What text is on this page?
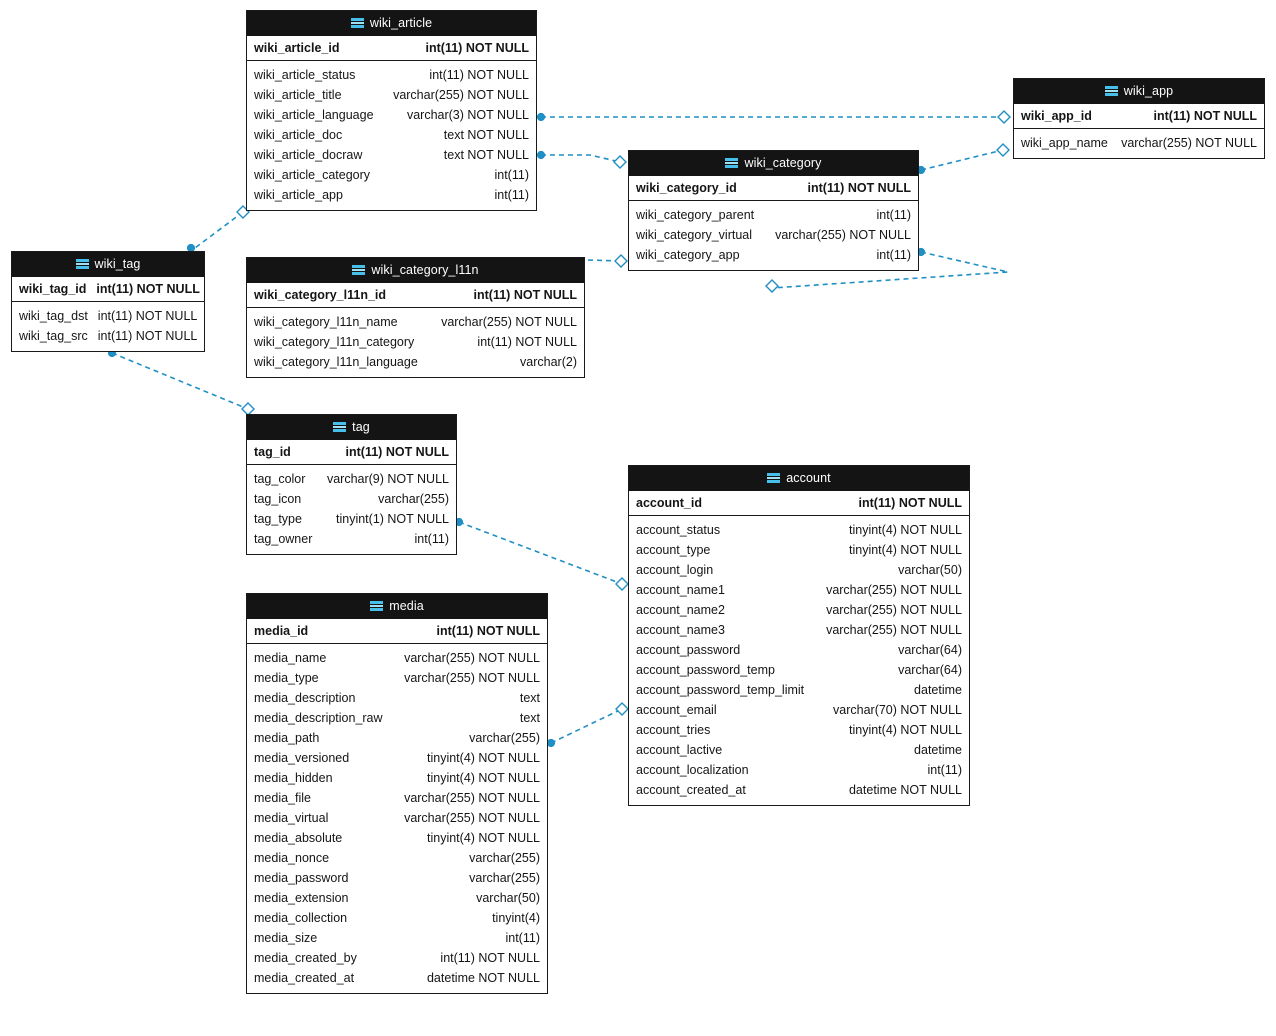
wiki_article
wiki_article_id	int(11) NOT NULL
wiki_article_status	int(11) NOT NULL
wiki_article_title	varchar(255) NOT NULL
wiki_article_language	varchar(3) NOT NULL
wiki_article_doc	text NOT NULL
wiki_article_docraw	text NOT NULL
wiki_article_category	int(11)
wiki_article_app	int(11)
wiki_app
wiki_app_id	int(11) NOT NULL
wiki_app_name varchar(255) NOT NULL
wiki_category
wiki_category_id	int(11) NOT NULL
wiki_category_parent	int(11)
wiki_category_virtual varchar(255) NOT NULL
wiki_category_app	int(11)
wiki_tag
wiki_tag_id int(11) NOT NULL
wiki_tag_dst int(11) NOT NULL
wiki_tag_src int(11) NOT NULL
wiki_category_l11n
wiki_category_l11n_id	int(11) NOT NULL
wiki_category_l11n_name	varchar(255) NOT NULL
wiki_category_l11n_category	int(11) NOT NULL
wiki_category_l11n_language	varchar(2)
tag
tag_id	int(11) NOT NULL
tag_color varchar(9) NOT NULL
tag_icon	varchar(255)
tag_type	tinyint(1) NOT NULL
tag_owner	int(11)
account
account_id	int(11) NOT NULL
account_status	tinyint(4) NOT NULL
account_type	tinyint(4) NOT NULL
account_login	varchar(50)
account_name1	varchar(255) NOT NULL
account_name2	varchar(255) NOT NULL
account_name3	varchar(255) NOT NULL
account_password	varchar(64)
account_password_temp	varchar(64)
account_password_temp_limit	datetime
account_email	varchar(70) NOT NULL
account_tries	tinyint(4) NOT NULL
account_lactive	datetime
account_localization	int(11)
account_created_at	datetime NOT NULL
media
media_id	int(11) NOT NULL
media_name	varchar(255) NOT NULL
media_type	varchar(255) NOT NULL
media_description	text
media_description_raw	text
media_path	varchar(255)
media_versioned	tinyint(4) NOT NULL
media_hidden	tinyint(4) NOT NULL
media_file	varchar(255) NOT NULL
media_virtual	varchar(255) NOT NULL
media_absolute	tinyint(4) NOT NULL
media_nonce	varchar(255)
media_password	varchar(255)
media_extension	varchar(50)
media_collection	tinyint(4)
media_size	int(11)
media_created_by	int(11) NOT NULL
media_created_at	datetime NOT NULL
